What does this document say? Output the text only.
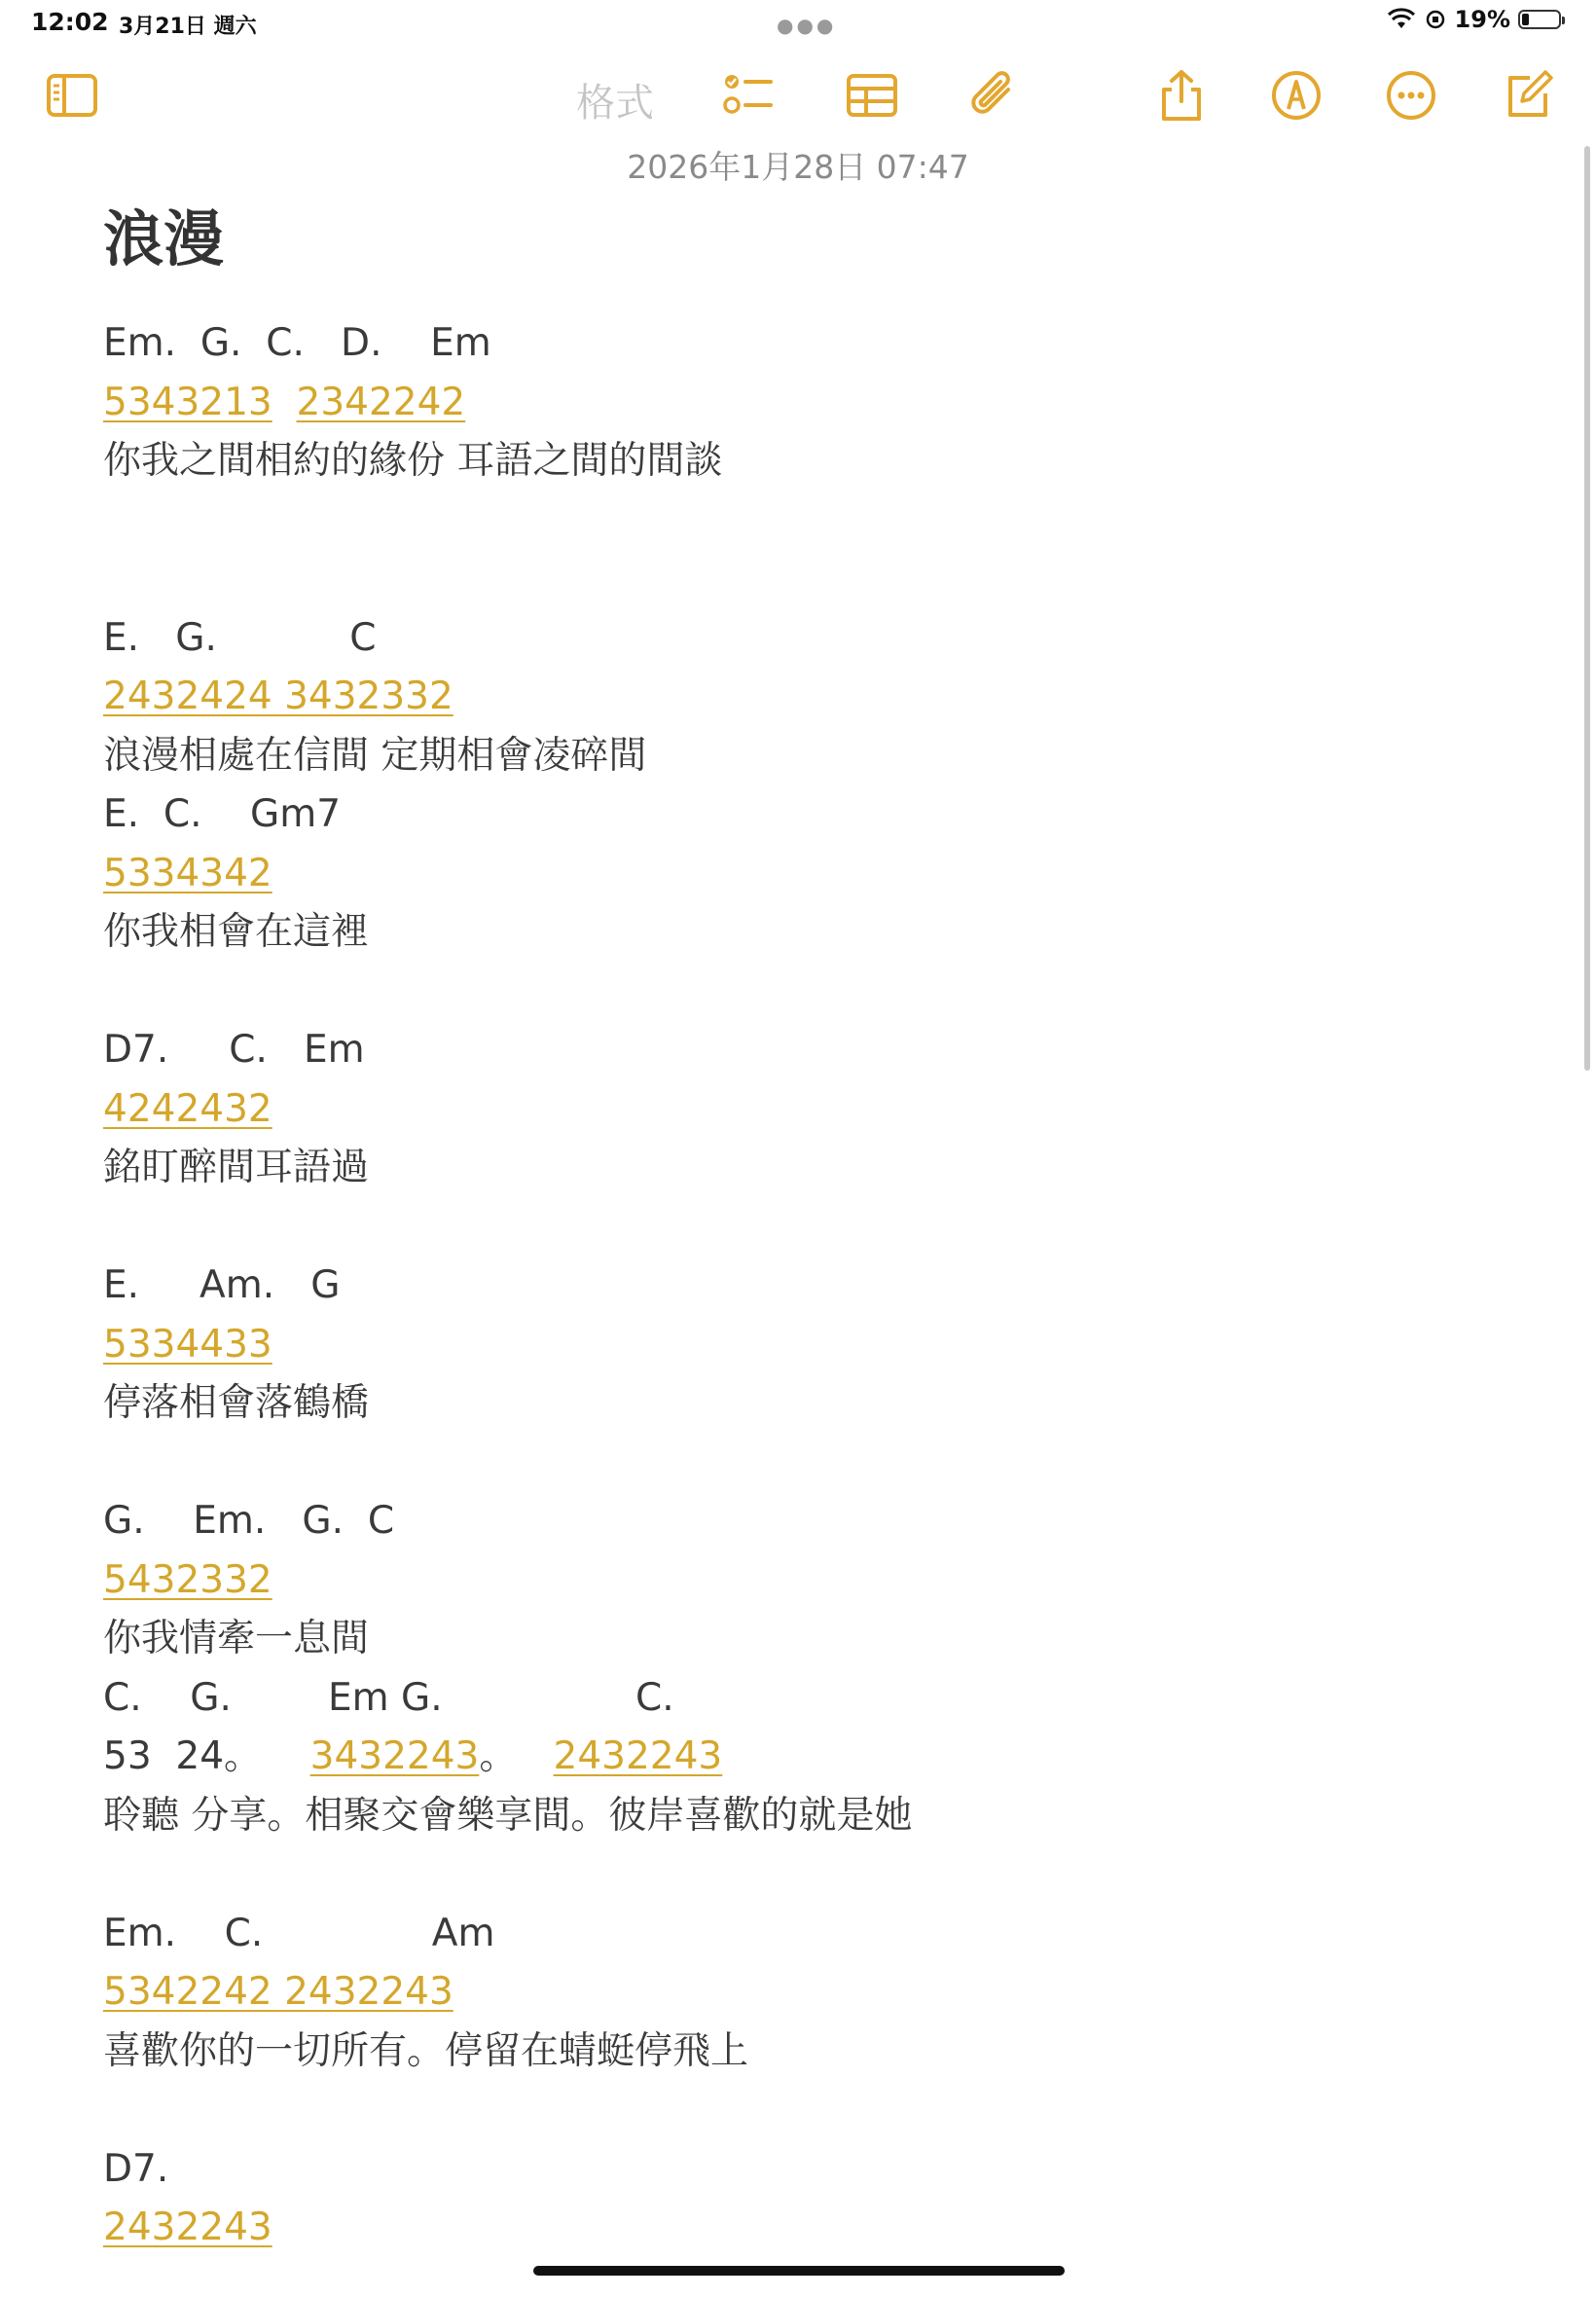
12:02 3月21日 週六	●●●	19%
格式
2026年1月28日 07:47
浪漫
Em.  G.  C.   D.    Em
5343213 2342242
你我之間相約的緣份 耳語之間的間談
E.   G.           C
2432424 3432332
浪漫相處在信間 定期相會凌碎間
E.  C.    Gm7
5334342
你我相會在這裡
D7.     C.   Em
4242432
銘盯醉間耳語過
E.     Am.   G
5334433
停落相會落鶴橋
G.    Em.   G.  C
5432332
你我情牽一息間
C.    G.        Em G.                C.
53  24。    3432243。   2432243
聆聽 分享。相聚交會樂享間。彼岸喜歡的就是她
Em.    C.              Am
5342242 2432243
喜歡你的一切所有。停留在蜻蜓停飛上
D7.
2432243
